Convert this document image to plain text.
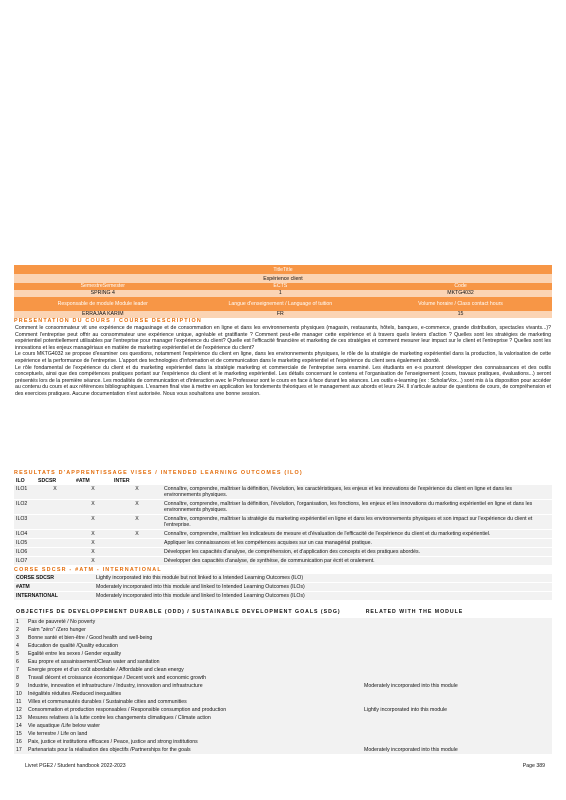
TitleTitle
Expérience client
SemestreSemester	ECTS	Code
SPRING 4	1	MKTG4032
Responsable de module Module leader	Langue d'enseignement / Language of tuition	Volume horaire / Class contact hours
ERRAJAA KARIM	FR	15
PRESENTATION DU COURS / COURSE DESCRIPTION
Comment le consommateur vit une expérience de magasinage et de consommation en ligne et dans les environnements physiques (magasin, restaurants, hôtels, banques, e-commerce, grande distribution, spectacles vivants...)? Comment l'entreprise peut offrir au consommateur une expérience unique, agréable et gratifiante ? Comment peut-elle manager cette expérience et à travers quels leviers d'action ? Quelles sont les stratégies de marketing expérientiel potentiellement utilisables par l'entreprise pour manager l'expérience du client? Quelle est l'efficacité financière et marketing de ces stratégies et comment mesurer leur impact sur le client et l'entreprise ? Quelles sont les innovations et les enjeux managériaux en matière de marketing expérientiel et de l'expérience du client?
Le cours MKTG4032 se propose d'examiner ces questions, notamment l'expérience du client en ligne, dans les environnements physiques, le rôle de la stratégie de marketing expérientiel dans la production, la valorisation de cette expérience et la performance de l'entreprise. L'apport des technologies d'information et de communication dans le marketing expérientiel et l'expérience du client sera également abordé.
Le rôle fondamental de l'expérience du client et du marketing expérientiel dans la stratégie marketing et commerciale de l'entreprise sera examiné. Les étudiants en e-s pourront développer des connaissances et des outils conceptuels, ainsi que des compétences pratiques portant sur l'expérience du client et le marketing expérientiel. Les détails concernant le contenu et l'organisation de l'enseignement (cours, travaux pratiques, évaluations...) seront présentés lors de la première séance. Les modalités de communication et d'interaction avec le Professeur sont le cours en face à face durant les séances. Les outils e-learning (ex : ScholarVox...) sont mis à la disposition pour accéder au contenu du cours et aux références bibliographiques. L'examen final vise à mettre en application les fondements théoriques et le management aux abords et leurs 2H. Il s'articule autour de questions de cours, de compréhension et des exercices pratiques. Aucune documentation n'est autorisée. Nous vous souhaitons une bonne session.
RESULTATS D'APPRENTISSAGE VISES / INTENDED LEARNING OUTCOMES (ILO)
ILO	SDCSR	#ATM	INTER	
ILO1	X	X	X	Connaître, comprendre, maîtriser la définition, l'évolution, les caractéristiques, les enjeux et les innovations de l'expérience du client en ligne et dans les environnements physiques.
ILO2		X	X	Connaître, comprendre, maîtriser la définition, l'évolution, l'organisation, les fonctions, les enjeux et les innovations du marketing expérientiel en ligne et dans les environnements physiques.
ILO3		X	X	Connaître, comprendre, maîtriser la stratégie du marketing expérientiel en ligne et dans les environnements physiques et son impact sur l'expérience du client et l'entreprise.
ILO4		X	X	Connaître, comprendre, maîtriser les indicateurs de mesure et d'évaluation de l'efficacité de l'expérience du client et du marketing expérientiel.
ILO5		X		Appliquer les connaissances et les compétences acquises sur un cas managérial pratique.
ILO6		X		Développer les capacités d'analyse, de compréhension, et d'application des concepts et des pratiques abordés.
ILO7		X		Développer des capacités d'analyse, de synthèse, de communication par écrit et oralement.
CORSE SDCSR - #ATM - INTERNATIONAL
CORSE SDCSR	Lightly incorporated into this module but not linked to a Intended Learning Outcomes (ILO)
#ATM	Moderately incorporated into this module and linked to Intended Learning Outcomes (ILOs)
INTERNATIONAL	Moderately incorporated into this module and linked to Intended Learning Outcomes (ILOs)
OBJECTIFS DE DEVELOPPEMENT DURABLE (ODD) / SUSTAINABLE DEVELOPMENT GOALS (SDG)	RELATED WITH THE MODULE
1	Pas de pauvreté / No poverty	
2	Faim "zéro" /Zero hunger	
3	Bonne santé et bien-être / Good health and well-being	
4	Education de qualité /Quality education	
5	Egalité entre les sexes / Gender equality	
6	Eau propre et assainissement/Clean water and sanitation	
7	Energie propre et d'un coût abordable / Affordable and clean energy	
8	Travail décent et croissance économique / Decent work and economic growth	
9	Industrie, innovation et infrastructure / Industry, innovation and infrastructure	Moderately incorporated into this module
10	Inégalités réduites /Reduced inequalities	
11	Villes et communautés durables / Sustainable cities and communities	
12	Consommation et production responsables / Responsible consumption and production	Lightly incorporated into this module
13	Mesures relatives à la lutte contre les changements climatiques / Climate action	
14	Vie aquatique /Life below water	
15	Vie terrestre / Life on land	
16	Paix, justice et institutions efficaces / Peace, justice and strong institutions	
17	Partenariats pour la réalisation des objectifs /Partnerships for the goals	Moderately incorporated into this module
Livret PGE2 / Student handbook 2022-2023	Page 389
